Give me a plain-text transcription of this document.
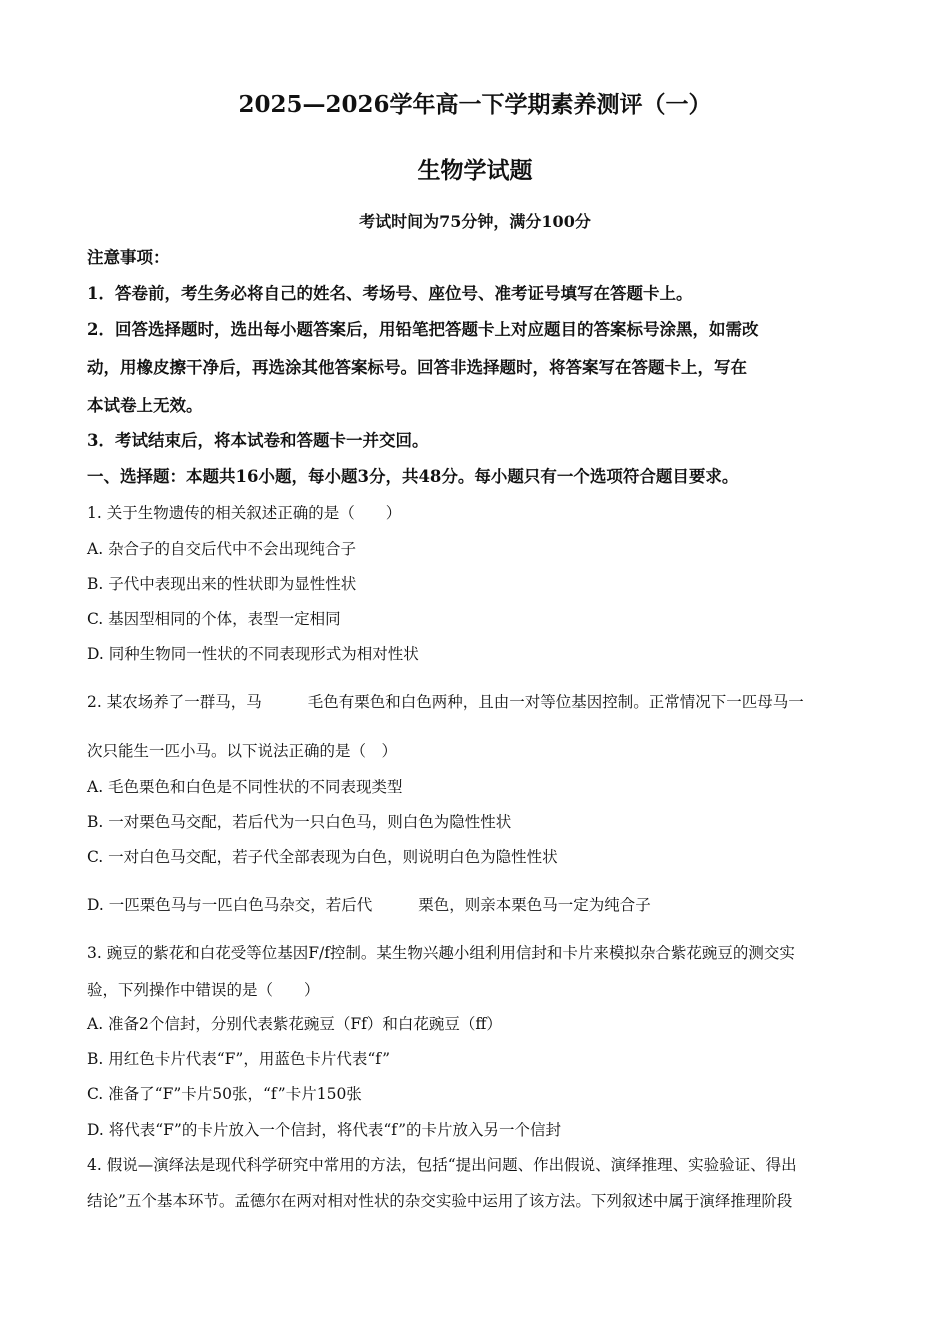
2025—2026学年高一下学期素养测评（一）
生物学试题
考试时间为75分钟，满分100分
注意事项：
1．答卷前，考生务必将自己的姓名、考场号、座位号、准考证号填写在答题卡上。
2．回答选择题时，选出每小题答案后，用铅笔把答题卡上对应题目的答案标号涂黑，如需改
动，用橡皮擦干净后，再选涂其他答案标号。回答非选择题时，将答案写在答题卡上，写在
本试卷上无效。
3．考试结束后，将本试卷和答题卡一并交回。
一、选择题：本题共16小题，每小题3分，共48分。每小题只有一个选项符合题目要求。
1. 关于生物遗传的相关叙述正确的是（　　）
A. 杂合子的自交后代中不会出现纯合子
B. 子代中表现出来的性状即为显性性状
C. 基因型相同的个体，表型一定相同
D. 同种生物同一性状的不同表现形式为相对性状
2. 某农场养了一群马，马	毛色有栗色和白色两种，且由一对等位基因控制。正常情况下一匹母马一
次只能生一匹小马。以下说法正确的是（　）
A. 毛色栗色和白色是不同性状的不同表现类型
B. 一对栗色马交配，若后代为一只白色马，则白色为隐性性状
C. 一对白色马交配，若子代全部表现为白色，则说明白色为隐性性状
D. 一匹栗色马与一匹白色马杂交，若后代	栗色，则亲本栗色马一定为纯合子
3. 豌豆的紫花和白花受等位基因F/f控制。某生物兴趣小组利用信封和卡片来模拟杂合紫花豌豆的测交实
验，下列操作中错误的是（　　）
A. 准备2个信封，分别代表紫花豌豆（Ff）和白花豌豆（ff）
B. 用红色卡片代表“F”，用蓝色卡片代表“f”
C. 准备了“F”卡片50张，“f”卡片150张
D. 将代表“F”的卡片放入一个信封，将代表“f”的卡片放入另一个信封
4. 假说—演绎法是现代科学研究中常用的方法，包括“提出问题、作出假说、演绎推理、实验验证、得出
结论”五个基本环节。孟德尔在两对相对性状的杂交实验中运用了该方法。下列叙述中属于演绎推理阶段
